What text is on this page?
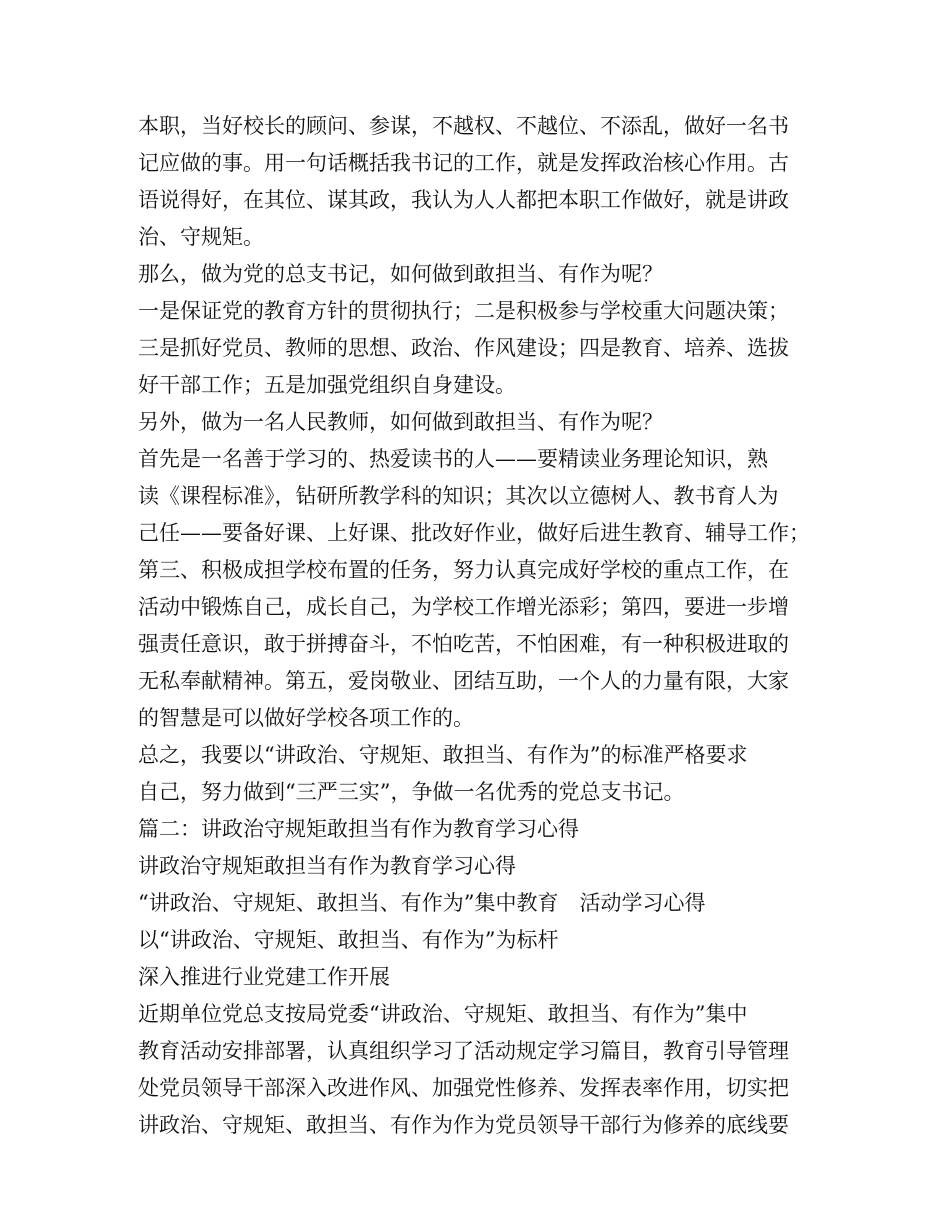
本职，当好校长的顾问、参谋，不越权、不越位、不添乱，做好一名书
记应做的事。用一句话概括我书记的工作，就是发挥政治核心作用。古
语说得好，在其位、谋其政，我认为人人都把本职工作做好，就是讲政
治、守规矩。
那么，做为党的总支书记，如何做到敢担当、有作为呢？
一是保证党的教育方针的贯彻执行；二是积极参与学校重大问题决策；
三是抓好党员、教师的思想、政治、作风建设；四是教育、培养、选拔
好干部工作；五是加强党组织自身建设。
另外，做为一名人民教师，如何做到敢担当、有作为呢？
首先是一名善于学习的、热爱读书的人——要精读业务理论知识，熟
读《课程标准》，钻研所教学科的知识；其次以立德树人、教书育人为
己任——要备好课、上好课、批改好作业，做好后进生教育、辅导工作；
第三、积极成担学校布置的任务，努力认真完成好学校的重点工作，在
活动中锻炼自己，成长自己，为学校工作增光添彩；第四，要进一步增
强责任意识，敢于拼搏奋斗，不怕吃苦，不怕困难，有一种积极进取的
无私奉献精神。第五，爱岗敬业、团结互助，一个人的力量有限，大家
的智慧是可以做好学校各项工作的。
总之，我要以“讲政治、守规矩、敢担当、有作为”的标准严格要求
自己，努力做到“三严三实”，争做一名优秀的党总支书记。
篇二：讲政治守规矩敢担当有作为教育学习心得
讲政治守规矩敢担当有作为教育学习心得
“讲政治、守规矩、敢担当、有作为”集中教育　活动学习心得
以“讲政治、守规矩、敢担当、有作为”为标杆
深入推进行业党建工作开展
近期单位党总支按局党委“讲政治、守规矩、敢担当、有作为”集中
教育活动安排部署，认真组织学习了活动规定学习篇目，教育引导管理
处党员领导干部深入改进作风、加强党性修养、发挥表率作用，切实把
讲政治、守规矩、敢担当、有作为作为党员领导干部行为修养的底线要
